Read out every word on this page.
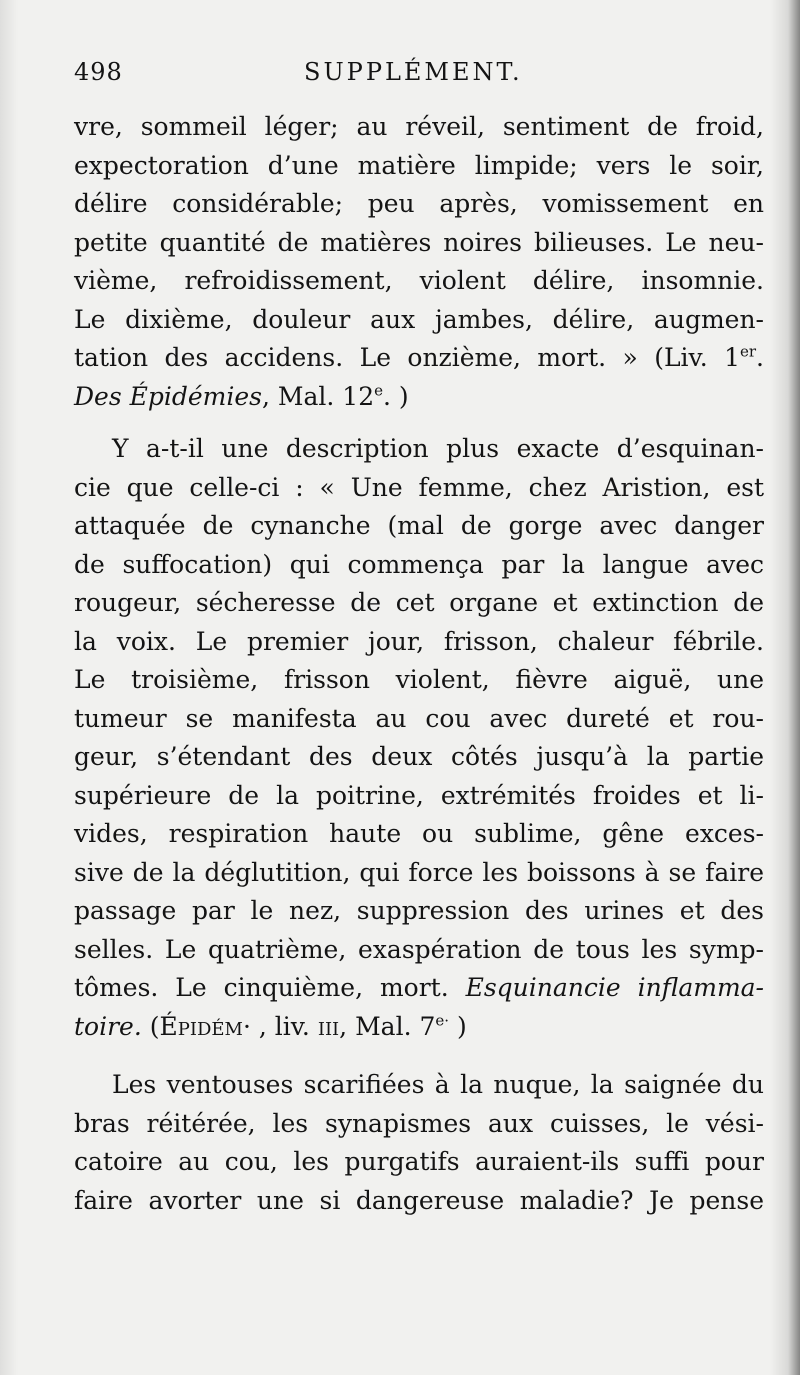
498	SUPPLÉMENT.
vre, sommeil léger; au réveil, sentiment de froid,
expectoration d’une matière limpide; vers le soir,
délire considérable; peu après, vomissement en
petite quantité de matières noires bilieuses. Le neu-
vième, refroidissement, violent délire, insomnie.
Le dixième, douleur aux jambes, délire, augmen-
tation des accidens. Le onzième, mort. » (Liv. 1er.
Des Épidémies, Mal. 12e. )
Y a-t-il une description plus exacte d’esquinan-
cie que celle-ci : « Une femme, chez Aristion, est
attaquée de cynanche (mal de gorge avec danger
de suffocation) qui commença par la langue avec
rougeur, sécheresse de cet organe et extinction de
la voix. Le premier jour, frisson, chaleur fébrile.
Le troisième, frisson violent, fièvre aiguë, une
tumeur se manifesta au cou avec dureté et rou-
geur, s’étendant des deux côtés jusqu’à la partie
supérieure de la poitrine, extrémités froides et li-
vides, respiration haute ou sublime, gêne exces-
sive de la déglutition, qui force les boissons à se faire
passage par le nez, suppression des urines et des
selles. Le quatrième, exaspération de tous les symp-
tômes. Le cinquième, mort. Esquinancie inflamma-
toire. (Épidém· , liv. iii, Mal. $7^{e\cdot}$ )
Les ventouses scarifiées à la nuque, la saignée du
bras réitérée, les synapismes aux cuisses, le vési-
catoire au cou, les purgatifs auraient-ils suffi pour
faire avorter une si dangereuse maladie? Je pense
